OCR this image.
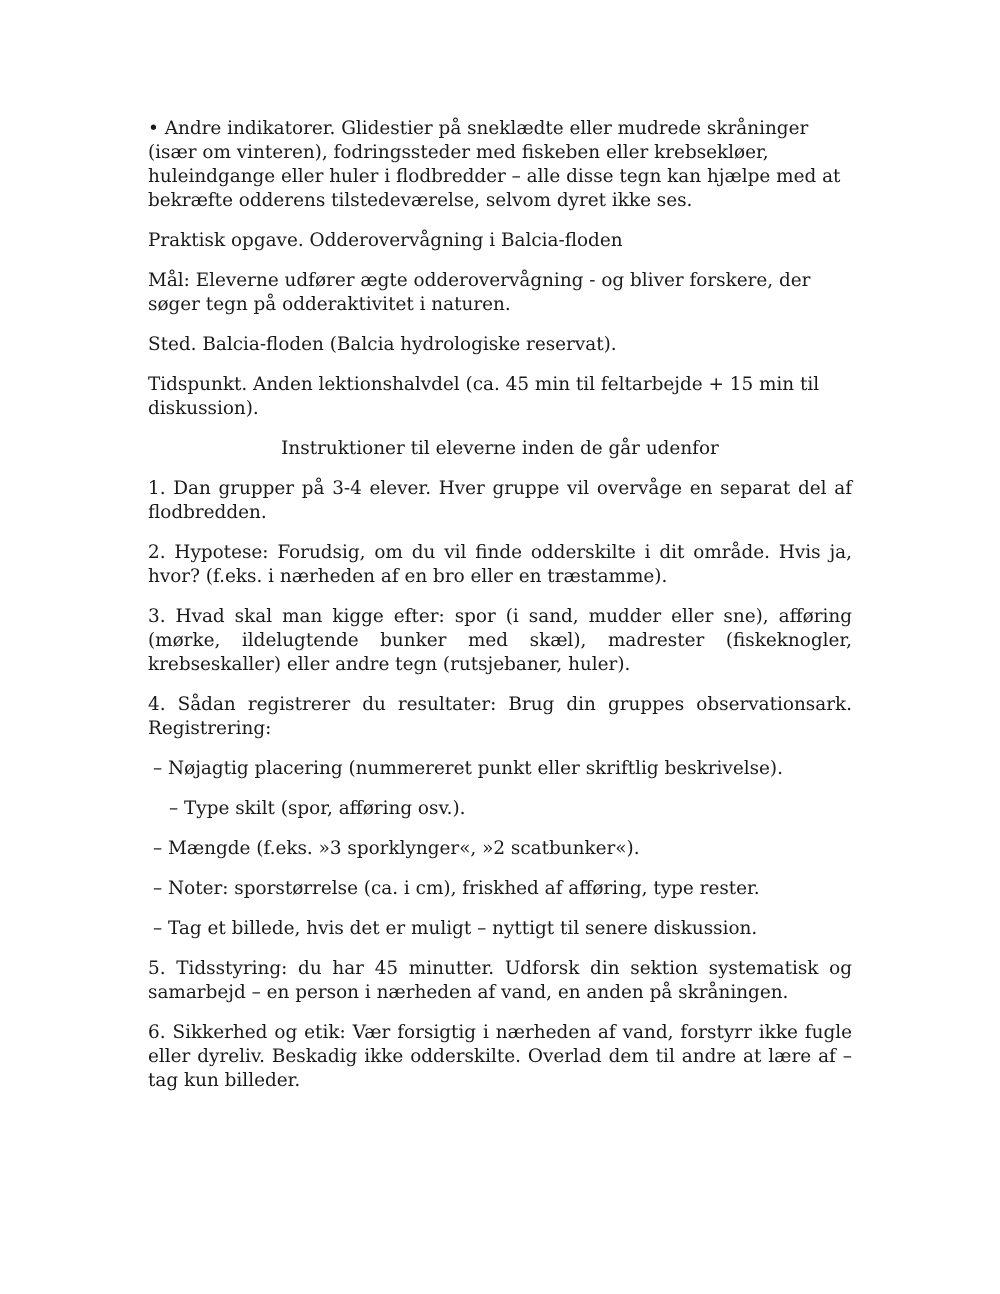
• Andre indikatorer. Glidestier på sneklædte eller mudrede skråninger (især om vinteren), fodringssteder med fiskeben eller krebsekløer, huleindgange eller huler i flodbredder – alle disse tegn kan hjælpe med at bekræfte odderens tilstedeværelse, selvom dyret ikke ses.

Praktisk opgave. Odderovervågning i Balcia-floden

Mål: Eleverne udfører ægte odderovervågning - og bliver forskere, der søger tegn på odderaktivitet i naturen.

Sted. Balcia-floden (Balcia hydrologiske reservat).

Tidspunkt. Anden lektionshalvdel (ca. 45 min til feltarbejde + 15 min til diskussion).

Instruktioner til eleverne inden de går udenfor

1. Dan grupper på 3-4 elever. Hver gruppe vil overvåge en separat del af flodbredden.

2. Hypotese: Forudsig, om du vil finde odderskilte i dit område. Hvis ja, hvor? (f.eks. i nærheden af en bro eller en træstamme).

3. Hvad skal man kigge efter: spor (i sand, mudder eller sne), afføring (mørke, ildelugtende bunker med skæl), madrester (fiskeknogler, krebseskaller) eller andre tegn (rutsjebaner, huler).

4. Sådan registrerer du resultater: Brug din gruppes observationsark. Registrering:

– Nøjagtig placering (nummereret punkt eller skriftlig beskrivelse).

– Type skilt (spor, afføring osv.).

– Mængde (f.eks. »3 sporklynger«, »2 scatbunker«).

– Noter: sporstørrelse (ca. i cm), friskhed af afføring, type rester.

– Tag et billede, hvis det er muligt – nyttigt til senere diskussion.

5. Tidsstyring: du har 45 minutter. Udforsk din sektion systematisk og samarbejd – en person i nærheden af vand, en anden på skråningen.

6. Sikkerhed og etik: Vær forsigtig i nærheden af vand, forstyrr ikke fugle eller dyreliv. Beskadig ikke odderskilte. Overlad dem til andre at lære af – tag kun billeder.
